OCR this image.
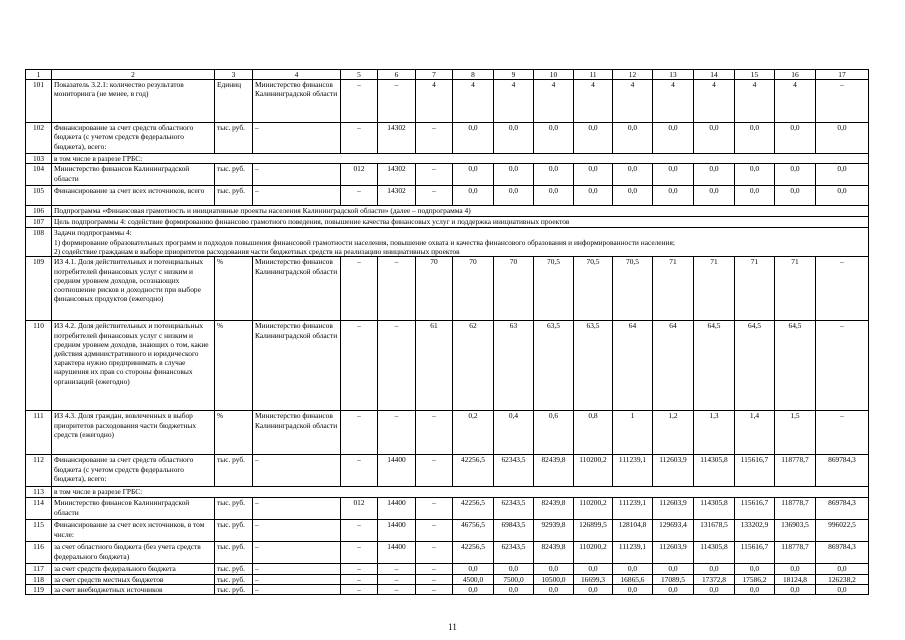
1	2	3	4	5	6	7	8	9	10	11	12	13	14	15	16	17
101	Показатель 3.2.1: количество результатов мониторинга (не менее, в год)	Единиц	Министерство финансов Калининградской области	–	–	4	4	4	4	4	4	4	4	4	4	–
102	Финансирование за счет средств областного бюджета (с учетом средств федерального бюджета), всего:	тыс. руб.	–	–	14302	–	0,0	0,0	0,0	0,0	0,0	0,0	0,0	0,0	0,0	0,0
103	в том числе в разрезе ГРБС:															
104	Министерство финансов Калининградской области	тыс. руб.	–	012	14302	–	0,0	0,0	0,0	0,0	0,0	0,0	0,0	0,0	0,0	0,0
105	Финансирование за счет всех источников, всего	тыс. руб.	–	–	14302	–	0,0	0,0	0,0	0,0	0,0	0,0	0,0	0,0	0,0	0,0
106	Подпрограмма «Финансовая грамотность и инициативные проекты населения Калининградской области» (далее – подпрограмма 4)															
107	Цель подпрограммы 4: содействие формированию финансово грамотного поведения, повышение качества финансовых услуг и поддержка инициативных проектов															
108	Задачи подпрограммы 4:
1) формирование образовательных программ и подходов повышения финансовой грамотности населения, повышение охвата и качества финансового образования и информированности населения;
2) содействие гражданам в выборе приоритетов расходования части бюджетных средств на реализацию инициативных проектов															

109	ИЗ 4.1. Доля действительных и потенциальных потребителей финансовых услуг с низким и средним уровнем доходов, осознающих соотношение рисков и доходности при выборе финансовых продуктов (ежегодно)	%	Министерство финансов Калининградской области	–	–	70	70	70	70,5	70,5	70,5	71	71	71	71	–
110	ИЗ 4.2. Доля действительных и потенциальных потребителей финансовых услуг с низким и средним уровнем доходов, знающих о том, какие действия административного и юридического характера нужно предпринимать в случае нарушения их прав со стороны финансовых организаций (ежегодно)	%	Министерство финансов Калининградской области	–	–	61	62	63	63,5	63,5	64	64	64,5	64,5	64,5	–
111	ИЗ 4.3. Доля граждан, вовлеченных в выбор приоритетов расходования части бюджетных средств (ежегодно)	%	Министерство финансов Калининградской области	–	–	–	0,2	0,4	0,6	0,8	1	1,2	1,3	1,4	1,5	–
112	Финансирование за счет средств областного бюджета (с учетом средств федерального бюджета), всего:	тыс. руб.	–	–	14400	–	42256,5	62343,5	82439,8	110200,2	111239,1	112603,9	114305,8	115616,7	118778,7	869784,3
113	в том числе в разрезе ГРБС:															
114	Министерство финансов Калининградской области	тыс. руб.	–	012	14400	–	42256,5	62343,5	82439,8	110200,2	111239,1	112603,9	114305,8	115616,7	118778,7	869784,3
115	Финансирование за счет всех источников, в том числе:	тыс. руб.	–	–	14400	–	46756,5	69843,5	92939,8	126899,5	128104,8	129693,4	131678,5	133202,9	136903,5	996022,5
116	за счет областного бюджета (без учета средств федерального бюджета)	тыс. руб.	–	–	14400	–	42256,5	62343,5	82439,8	110200,2	111239,1	112603,9	114305,8	115616,7	118778,7	869784,3
117	за счет средств федерального бюджета	тыс. руб.	–	–	–	–	0,0	0,0	0,0	0,0	0,0	0,0	0,0	0,0	0,0	0,0
118	за счет средств местных бюджетов	тыс. руб.	–	–	–	–	4500,0	7500,0	10500,0	16699,3	16865,6	17089,5	17372,8	17586,2	18124,8	126238,2
119	за счет внебюджетных источников	тыс. руб.	–	–	–	–	0,0	0,0	0,0	0,0	0,0	0,0	0,0	0,0	0,0	0,0
11
